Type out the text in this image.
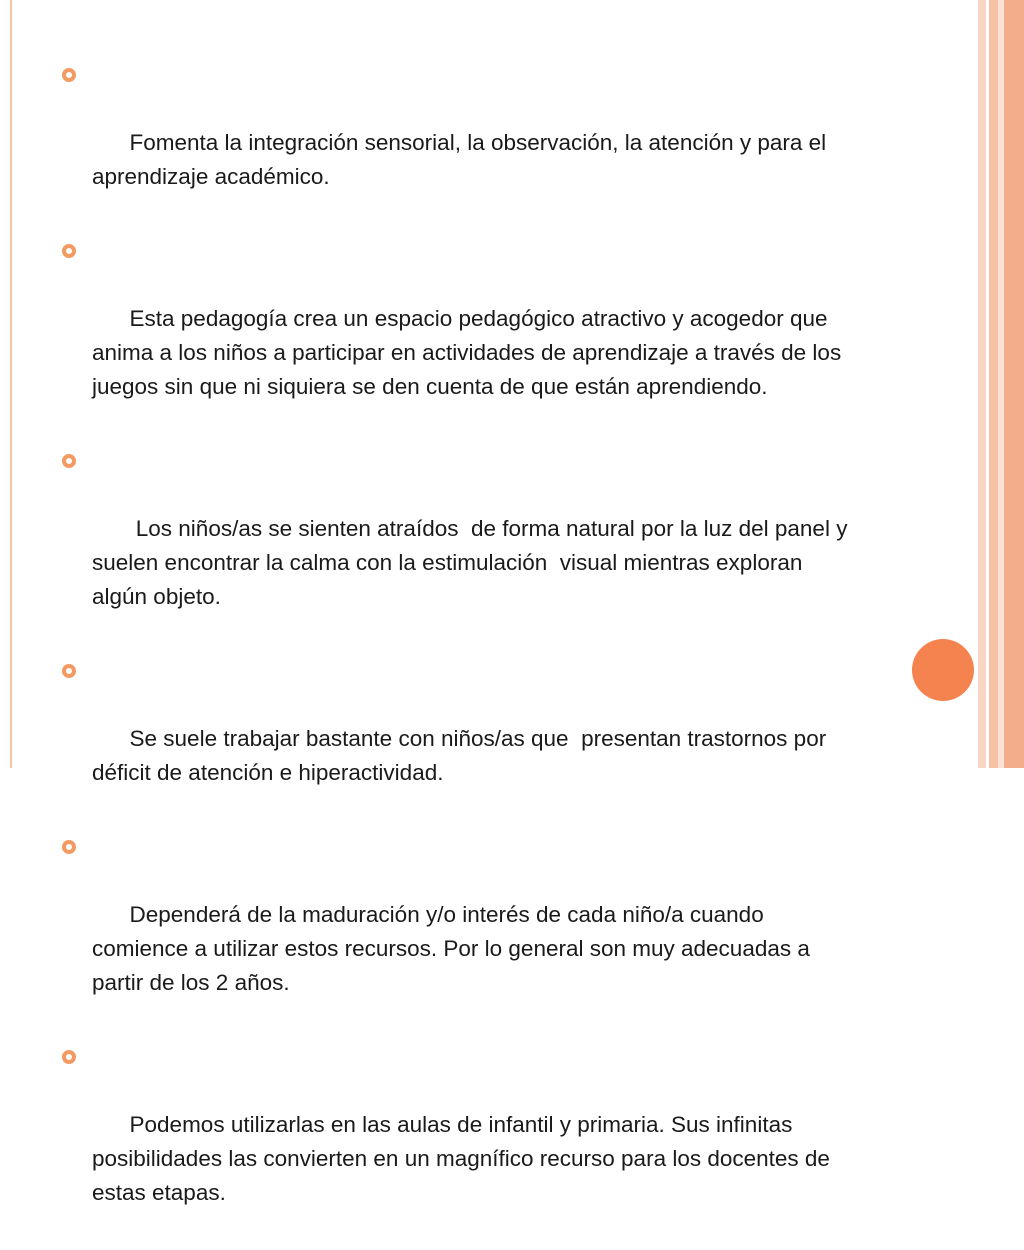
Fomenta la integración sensorial, la observación, la atención y para el aprendizaje académico.

Esta pedagogía crea un espacio pedagógico atractivo y acogedor que anima a los niños a participar en actividades de aprendizaje a través de los juegos sin que ni siquiera se den cuenta de que están aprendiendo.

Los niños/as se sienten atraídos  de forma natural por la luz del panel y suelen encontrar la calma con la estimulación  visual mientras exploran algún objeto.

Se suele trabajar bastante con niños/as que  presentan trastornos por déficit de atención e hiperactividad.

Dependerá de la maduración y/o interés de cada niño/a cuando comience a utilizar estos recursos. Por lo general son muy adecuadas a partir de los 2 años.

Podemos utilizarlas en las aulas de infantil y primaria. Sus infinitas posibilidades las convierten en un magnífico recurso para los docentes de estas etapas.
